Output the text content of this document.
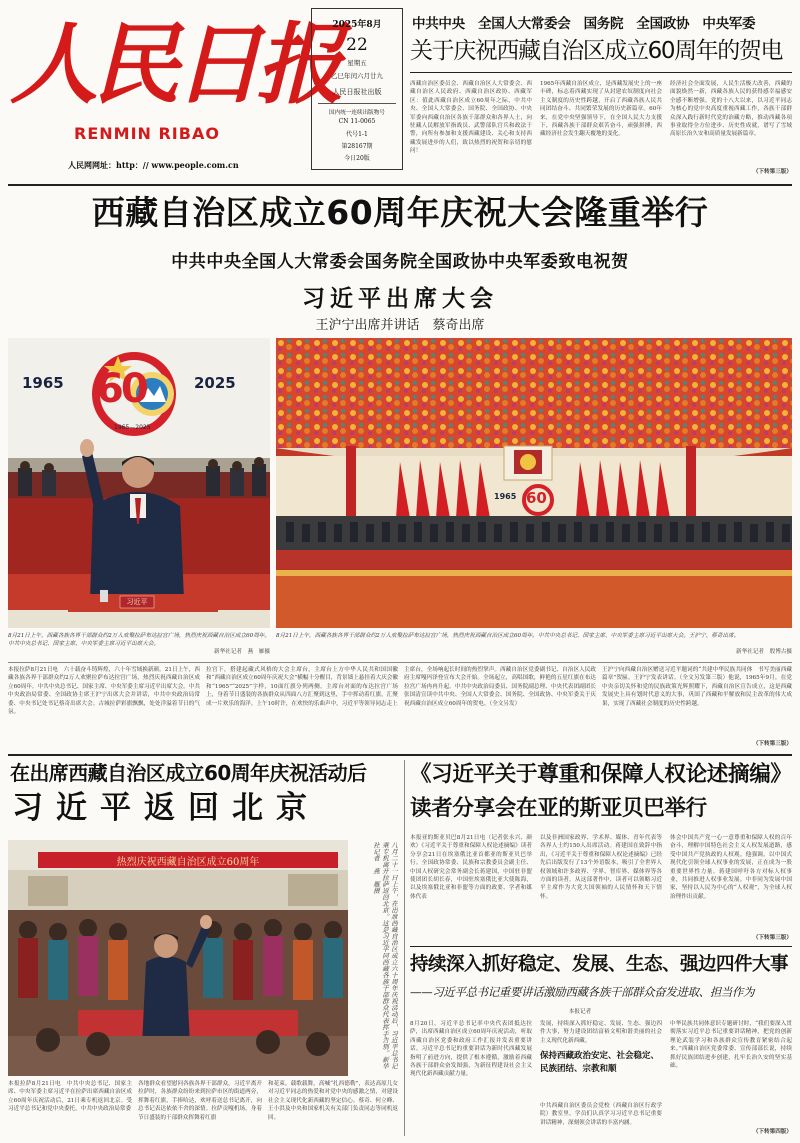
人民日报
RENMIN RIBAO
人民网网址：http：// www.people.com.cn
2025年8月
22
星期五
乙巳年闰六月廿九
人民日报社出版
国内统一连续出版物号
CN 11-0065
代号1-1
第28167期
今日20版
中共中央　全国人大常委会　国务院　全国政协　中央军委
关于庆祝西藏自治区成立60周年的贺电
西藏自治区委员会、西藏自治区人大常委会、西藏自治区人民政府、西藏自治区政协、西藏军区：值此西藏自治区成立60周年之际，中共中央、全国人大常委会、国务院、全国政协、中央军委向西藏自治区各族干部群众和各界人士，向驻藏人民解放军指战员、武警部队官兵和政法干警，向所有参加和支援西藏建设、关心和支持西藏发展进步的人们，致以热烈的祝贺和亲切的慰问！
1965年西藏自治区成立，是西藏发展史上的一座丰碑，标志着西藏实现了从封建农奴制度向社会主义制度的历史性跨越，开启了西藏各族人民共同团结奋斗、共同繁荣发展的历史新篇章。60年来，在党中央坚强领导下，在全国人民大力支援下，西藏各族干部群众艰苦奋斗，顽强拼搏，西藏经济社会发生翻天覆地的变化。
经济社会全面发展，人民生活极大改善，西藏的面貌焕然一新，西藏各族人民的获得感幸福感安全感不断增强。党的十八大以来，以习近平同志为核心的党中央高度重视西藏工作，各族干部群众深入践行新时代党的治藏方略，推动西藏各项事业取得全方位进步、历史性成就，谱写了雪域高原长治久安和高质量发展新篇章。
（下转第三版）
西藏自治区成立60周年庆祝大会隆重举行
中共中央全国人大常委会国务院全国政协中央军委致电祝贺
习近平出席大会
王沪宁出席并讲话　蔡奇出席
1965 60
1965—2025
2025
习近平
1965 60
8月21日上午，西藏各族各界干部群众约2万人欢聚拉萨布达拉宫广场，热烈庆祝西藏自治区成立60周年。中共中央总书记、国家主席、中央军委主席习近平出席大会。
新华社记者　燕　雁摄
8月21日上午，西藏各族各界干部群众约2万人欢聚拉萨布达拉宫广场，热烈庆祝西藏自治区成立60周年。中共中央总书记、国家主席、中央军委主席习近平出席大会。王沪宁、蔡奇出席。
新华社记者　殷博古摄
本报拉萨8月21日电　六十载奋斗铸辉煌，六十年雪域换新颜。21日上午，西藏各族各界干部群众约2万人欢聚拉萨布达拉宫广场，热烈庆祝西藏自治区成立60周年。中共中央总书记、国家主席、中央军委主席习近平出席大会。中共中央政治局常委、全国政协主席王沪宁出席大会并讲话，中共中央政治局常委、中央书记处书记蔡奇出席大会。古城拉萨彩旗飘飘，处处洋溢着节日的气氛。
拉宫下，搭建起藏式风格的大会主席台。主席台上方中华人民共和国国徽和“西藏自治区成立60周年庆祝大会”横幅十分醒目，背景墙上悬挂着大庆会徽和“1965”“2025”字样，10面红旗分列两侧。主席台对面的布达拉宫广场上，身着节日盛装的各族群众从四面八方汇聚到这里，手中挥动着红旗，汇聚成一片欢乐的海洋。上午10时许，在欢快的乐曲声中，习近平等领导同志走上
主席台，全场响起长时间的热烈掌声。西藏自治区党委副书记、自治区人民政府主席嘎玛泽登宣布大会开始。全场起立，高唱国歌，鲜艳的五星红旗在布达拉宫广场冉冉升起。中共中央政治局委员、国务院副总理、中央代表团副团长张国清宣读中共中央、全国人大常委会、国务院、全国政协、中央军委关于庆祝西藏自治区成立60周年的贺电。（全文另发）
王沪宁向西藏自治区赠送习近平题词的“共建中华民族共同体　书写美丽西藏篇章”贺匾。王沪宁发表讲话。（全文另发第三版）他说，1965年9月，在党中央亲切关怀和党的民族政策光辉照耀下，西藏自治区宣告成立，这是西藏发展史上具有划时代意义的大事，巩固了西藏和平解放和民主改革的伟大成果，实现了西藏社会制度的历史性跨越。
（下转第三版）
在出席西藏自治区成立60周年庆祝活动后
习近平返回北京
热烈庆祝西藏自治区成立60周年	八月二十一日上午，在出席西藏自治区成立六十周年庆祝活动后，习近平总书记乘专机离开拉萨返回北京。这是习近平同西藏各族干部群众代表挥手告别。新华社记者　燕　雁摄
本报拉萨8月21日电　中共中央总书记、国家主席、中央军委主席习近平在拉萨出席西藏自治区成立60周年庆祝活动后，21日乘专机返回北京。受习近平总书记和党中央委托，中共中央政治局常委
各地群众看望慰问各族各界干部群众。习近平离开拉萨时，各族群众纷纷来到拉萨市区的街道两旁，挥舞着红旗，手捧哈达，欢呼着送总书记离开，向总书记表达依依不舍的深情。拉萨贡嘎机场，身着节日盛装的干部群众挥舞着红旗
和花束，载歌载舞，高喊“扎西德勒”，表达高原儿女对习近平同志的热爱和对党中央的感激之情，对建设社会主义现代化新西藏的坚定信心。蔡奇、何立峰、王小洪及中央和国家机关有关部门负责同志等同机返回。
《习近平关于尊重和保障人权论述摘编》读者分享会在亚的斯亚贝巴举行
本报亚的斯亚贝巴8月21日电（记者张永兴、颜欢）《习近平关于尊重和保障人权论述摘编》读者分享会21日在埃塞俄比亚首都亚的斯亚贝巴举行。全国政协常委、民族和宗教委员会副主任、中国人权研究会常务副会长蒋建国，中国驻非盟使团团长胡长春，中国驻埃塞俄比亚大使陈海，以及埃塞俄比亚和非盟等方面的政要、学者和媒体代表
以及非洲国家政界、学术界、媒体、青年代表等各界人士约150人出席活动。蒋建国在致辞中指出，《习近平关于尊重和保障人权论述摘编》已经先后出版发行了13个外语版本，吸引了全世界人权领域和许多政界、学界、智库界、媒体界等各方面的读者。从这部著作中，读者可以领略习近平主席作为大党大国领袖的人民情怀和天下情怀。
体会中国共产党一心一意尊重和保障人权的百年奋斗，理解中国特色社会主义人权发展道路，感受中国共产党执政的人权观。他强调，以中国式现代化引领全球人权事业的发展，正在成为一股重要世界性力量。蒋建国呼吁各方对标人权事业，共同推进人权事业发展。中非同为发展中国家，坚持以人民为中心的“人权观”，为全球人权治理作出贡献。
（下转第三版）
持续深入抓好稳定、发展、生态、强边四件大事
——习近平总书记重要讲话激励西藏各族干部群众奋发进取、担当作为
本报记者
8月20日，习近平总书记率中央代表团抵达拉萨，出席西藏自治区成立60周年庆祝活动，听取西藏自治区党委和政府工作汇报并发表重要讲话。习近平总书记的重要讲话为新时代西藏发展指明了前进方向，提供了根本遵循，激励着西藏各族干部群众奋发图强，为新征程建设社会主义现代化新西藏贡献力量。
发展，持续深入抓好稳定、发展、生态、强边四件大事，努力建设团结富裕文明和谐美丽的社会主义现代化新西藏。
保持西藏政治安定、社会稳定、民族团结、宗教和顺
中共西藏自治区委员会党校（西藏自治区行政学院）教室里，学员们认真学习习近平总书记重要讲话精神，深刻领会讲话的丰富内涵。
中华民族共同体意识专题研讨时，“我们要深入贯彻落实习近平总书记重要讲话精神，把党的创新理论武装学习和各族群众宣传教育紧密结合起来。”西藏自治区党委常委、宣传部部长说，持续抓好民族团结进步创建，扎牢长治久安的坚实基础。
（下转第四版）
